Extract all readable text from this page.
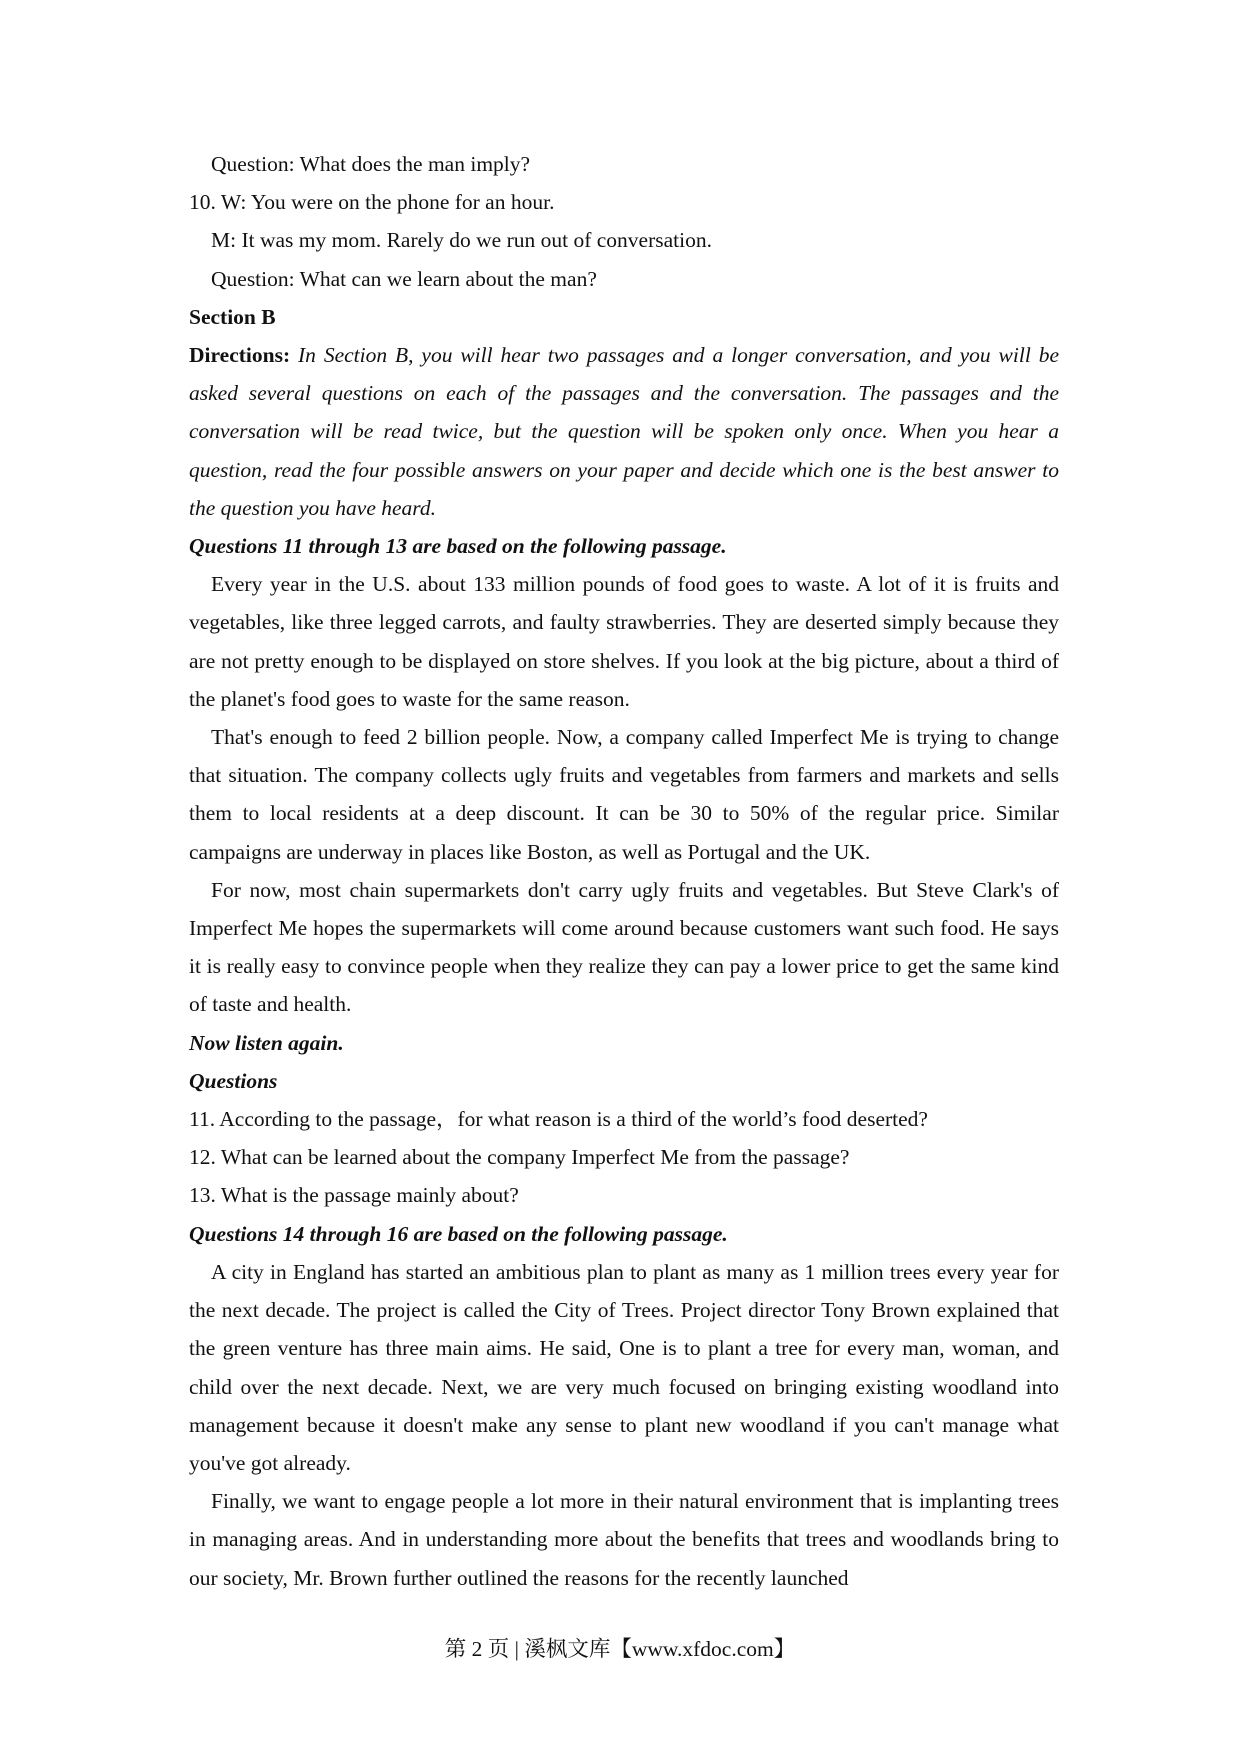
Question: What does the man imply?

10. W: You were on the phone for an hour.

M: It was my mom. Rarely do we run out of conversation.

Question: What can we learn about the man?

Section B

Directions: In Section B, you will hear two passages and a longer conversation, and you will be asked several questions on each of the passages and the conversation. The passages and the conversation will be read twice, but the question will be spoken only once. When you hear a question, read the four possible answers on your paper and decide which one is the best answer to the question you have heard.

Questions 11 through 13 are based on the following passage.

Every year in the U.S. about 133 million pounds of food goes to waste. A lot of it is fruits and vegetables, like three legged carrots, and faulty strawberries. They are deserted simply because they are not pretty enough to be displayed on store shelves. If you look at the big picture, about a third of the planet's food goes to waste for the same reason.

That's enough to feed 2 billion people. Now, a company called Imperfect Me is trying to change that situation. The company collects ugly fruits and vegetables from farmers and markets and sells them to local residents at a deep discount. It can be 30 to 50% of the regular price. Similar campaigns are underway in places like Boston, as well as Portugal and the UK.

For now, most chain supermarkets don't carry ugly fruits and vegetables. But Steve Clark's of Imperfect Me hopes the supermarkets will come around because customers want such food. He says it is really easy to convince people when they realize they can pay a lower price to get the same kind of taste and health.

Now listen again.

Questions

11. According to the passage，for what reason is a third of the world’s food deserted?

12. What can be learned about the company Imperfect Me from the passage?

13. What is the passage mainly about?

Questions 14 through 16 are based on the following passage.

A city in England has started an ambitious plan to plant as many as 1 million trees every year for the next decade. The project is called the City of Trees. Project director Tony Brown explained that the green venture has three main aims. He said, One is to plant a tree for every man, woman, and child over the next decade. Next, we are very much focused on bringing existing woodland into management because it doesn't make any sense to plant new woodland if you can't manage what you've got already.

Finally, we want to engage people a lot more in their natural environment that is implanting trees in managing areas. And in understanding more about the benefits that trees and woodlands bring to our society, Mr. Brown further outlined the reasons for the recently launched

第 2 页 | 溪枫文库【www.xfdoc.com】
